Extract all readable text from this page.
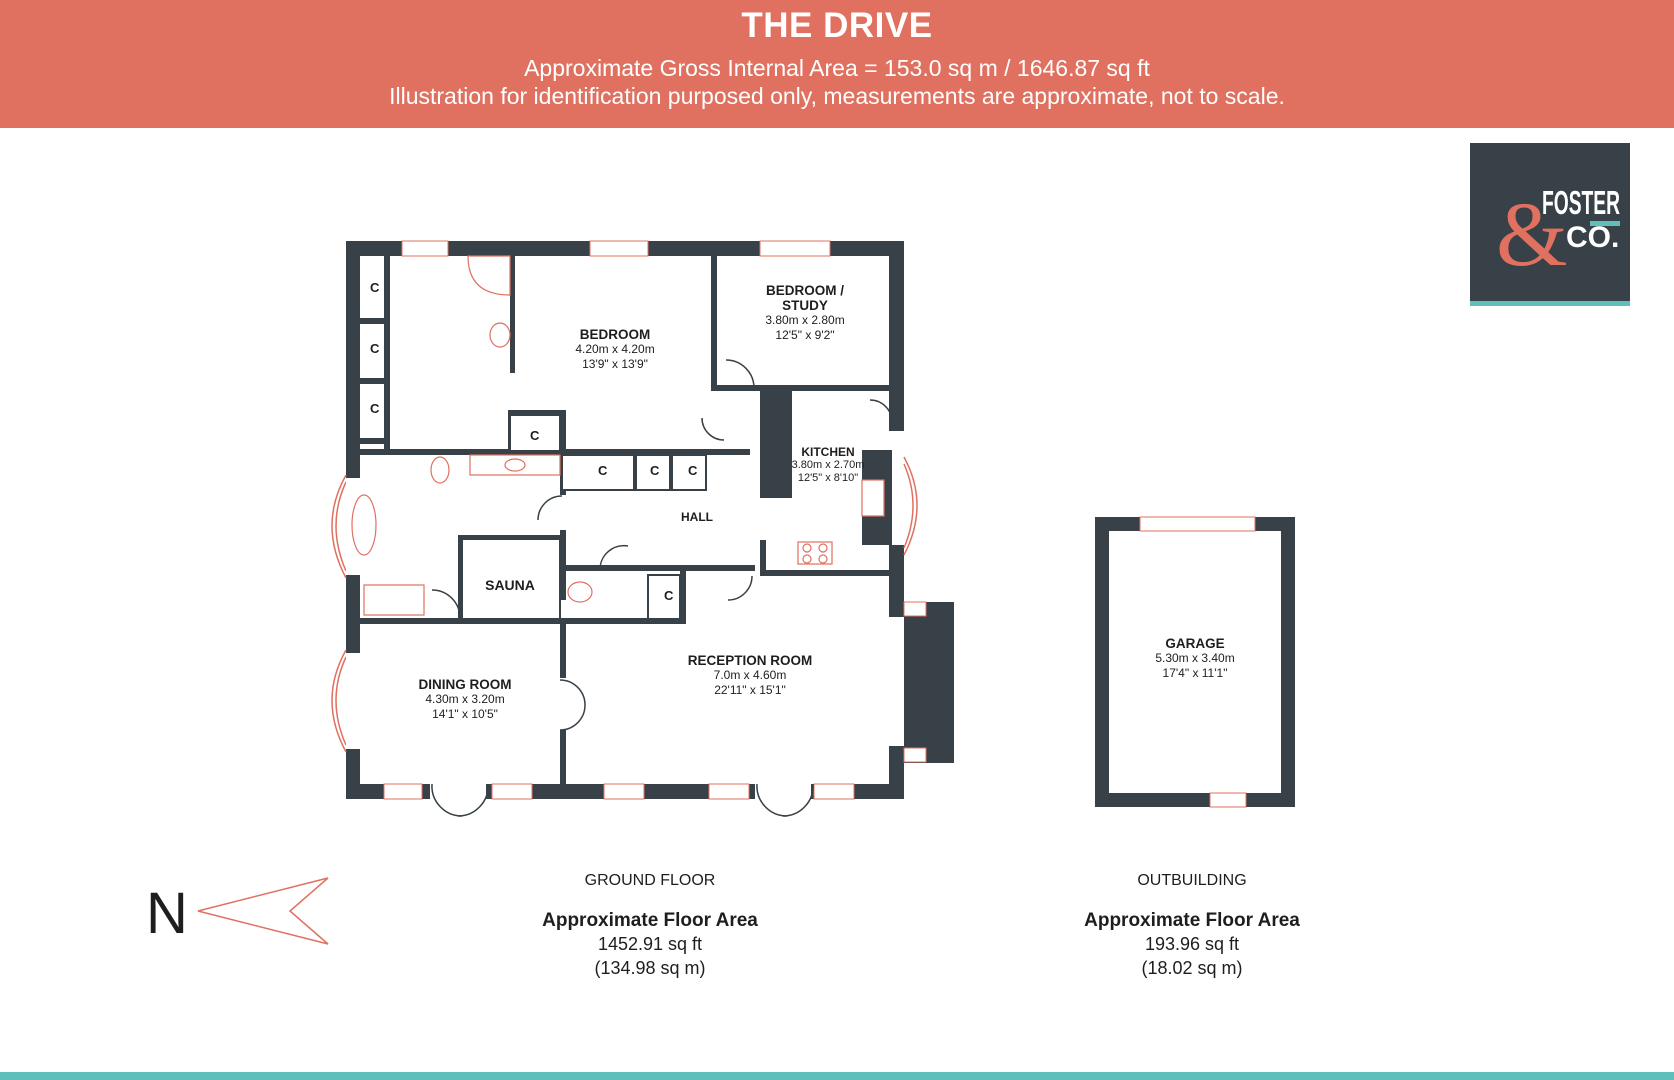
THE DRIVE
Approximate Gross Internal Area = 153.0 sq m / 1646.87 sq ft
Illustration for identification purposed only, measurements are approximate, not to scale.
&
FOSTER
CO.
BEDROOM
4.20m x 4.20m
13'9" x 13'9"
BEDROOM /
STUDY
3.80m x 2.80m
12'5" x 9'2"
KITCHEN
3.80m x 2.70m
12'5" x 8'10"
HALL
SAUNA
DINING ROOM
4.30m x 3.20m
14'1" x 10'5"
RECEPTION ROOM
7.0m x 4.60m
22'11" x 15'1"
GARAGE
5.30m x 3.40m
17'4" x 11'1"
C
C
C
C
C	C C
C
GROUND FLOOR
Approximate Floor Area
1452.91 sq ft
(134.98 sq m)
OUTBUILDING
Approximate Floor Area
193.96 sq ft
(18.02 sq m)
N
